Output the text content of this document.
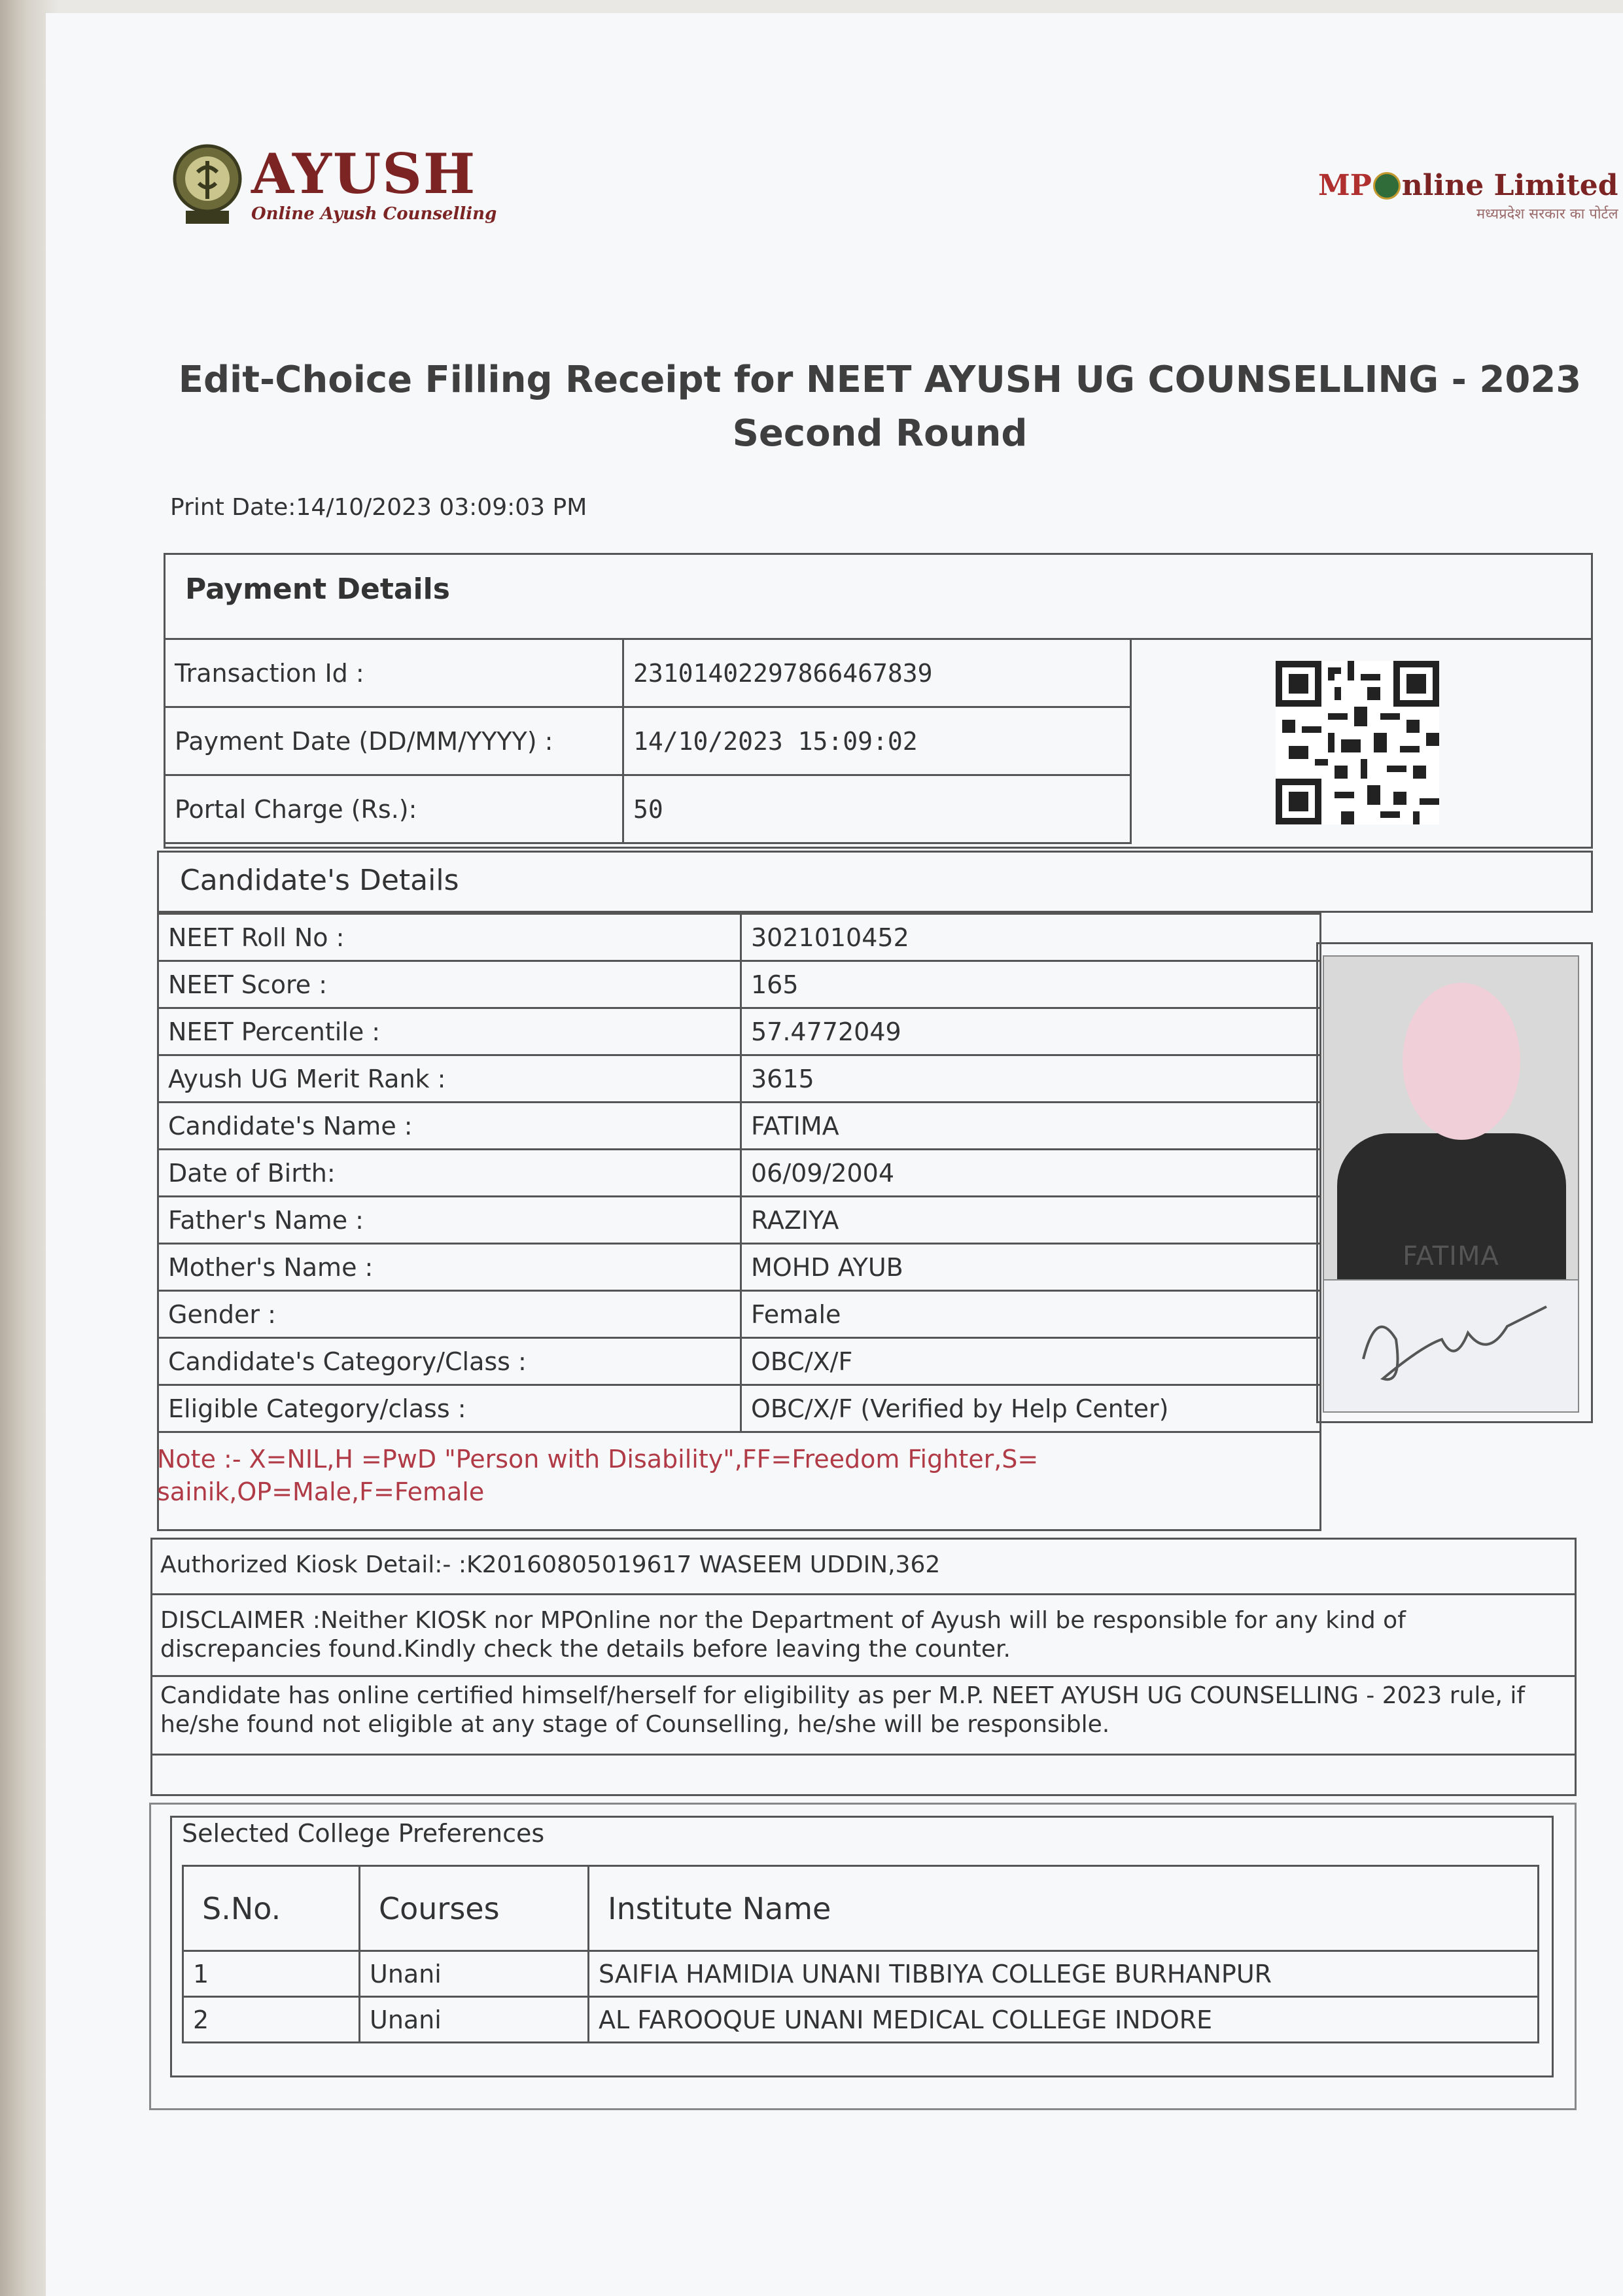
AYUSH
Online Ayush Counselling
MP nline Limited
मध्यप्रदेश सरकार का पोर्टल
Edit-Choice Filling Receipt for NEET AYUSH UG COUNSELLING - 2023 Second Round
Print Date:14/10/2023 03:09:03 PM
Payment Details
Transaction Id :	23101402297866467839
Payment Date (DD/MM/YYYY) :	14/10/2023 15:09:02
Portal Charge (Rs.):	50
Candidate's Details
NEET Roll No :	3021010452
NEET Score :	165
NEET Percentile :	57.4772049
Ayush UG Merit Rank :	3615
Candidate's Name :	FATIMA
Date of Birth:	06/09/2004
Father's Name :	RAZIYA
Mother's Name :	MOHD AYUB
Gender :	Female
Candidate's Category/Class :	OBC/X/F
Eligible Category/class :	OBC/X/F (Verified by Help Center)
FATIMA
Note :- X=NIL,H =PwD "Person with Disability",FF=Freedom Fighter,S= sainik,OP=Male,F=Female
Authorized Kiosk Detail:- :K20160805019617 WASEEM UDDIN,362
DISCLAIMER :Neither KIOSK nor MPOnline nor the Department of Ayush will be responsible for any kind of discrepancies found.Kindly check the details before leaving the counter.
Candidate has online certified himself/herself for eligibility as per M.P. NEET AYUSH UG COUNSELLING - 2023 rule, if he/she found not eligible at any stage of Counselling, he/she will be responsible.
Selected College Preferences
S.No.	Courses	Institute Name
1	Unani	SAIFIA HAMIDIA UNANI TIBBIYA COLLEGE BURHANPUR
2	Unani	AL FAROOQUE UNANI MEDICAL COLLEGE INDORE
